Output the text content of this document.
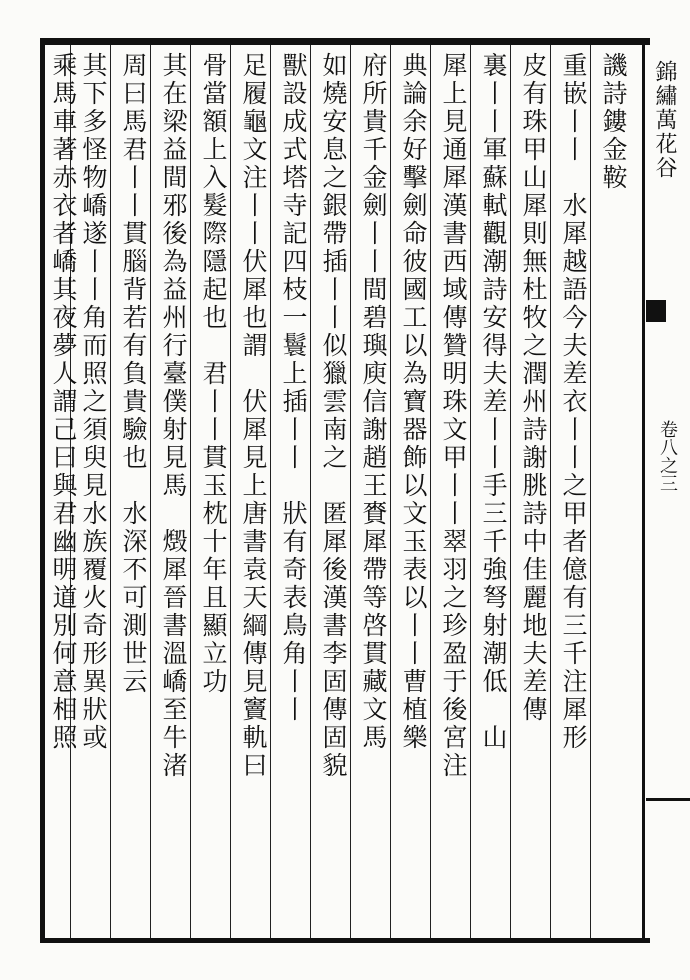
錦繡萬花谷
卷八之三
譏詩鏤金鞍
重嵌丨丨　水犀越語今夫差衣丨丨之甲者億有三千注犀形
皮有珠甲山犀則無杜牧之潤州詩謝朓詩中佳麗地夫差傳
裏丨丨軍蘇軾觀潮詩安得夫差丨丨手三千強弩射潮低　山
犀上見通犀漢書西域傳贊明珠文甲丨丨翠羽之珍盈于後宮注
典論余好擊劍命彼國工以為寶器飾以文玉表以丨丨曹植樂
府所貴千金劍丨丨間碧璵庾信謝趙王賚犀帶等啓貫藏文馬
如燒安息之銀帶插丨丨似獵雲南之　匿犀後漢書李固傳固貌
獸設成式塔寺記四枝一鬟上插丨丨　狀有奇表鳥角丨丨
足履龜文注丨丨伏犀也謂　伏犀見上唐書袁天綱傳見竇軌曰
骨當額上入髮際隱起也　君丨丨貫玉枕十年且顯立功
其在梁益間邪後為益州行臺僕射見馬　燬犀晉書溫嶠至牛渚
周曰馬君丨丨貫腦背若有負貴驗也　水深不可測世云
其下多怪物嶠遂丨丨角而照之須臾見水族覆火奇形異狀或
乘馬車著赤衣者嶠其夜夢人謂己曰與君幽明道別何意相照
